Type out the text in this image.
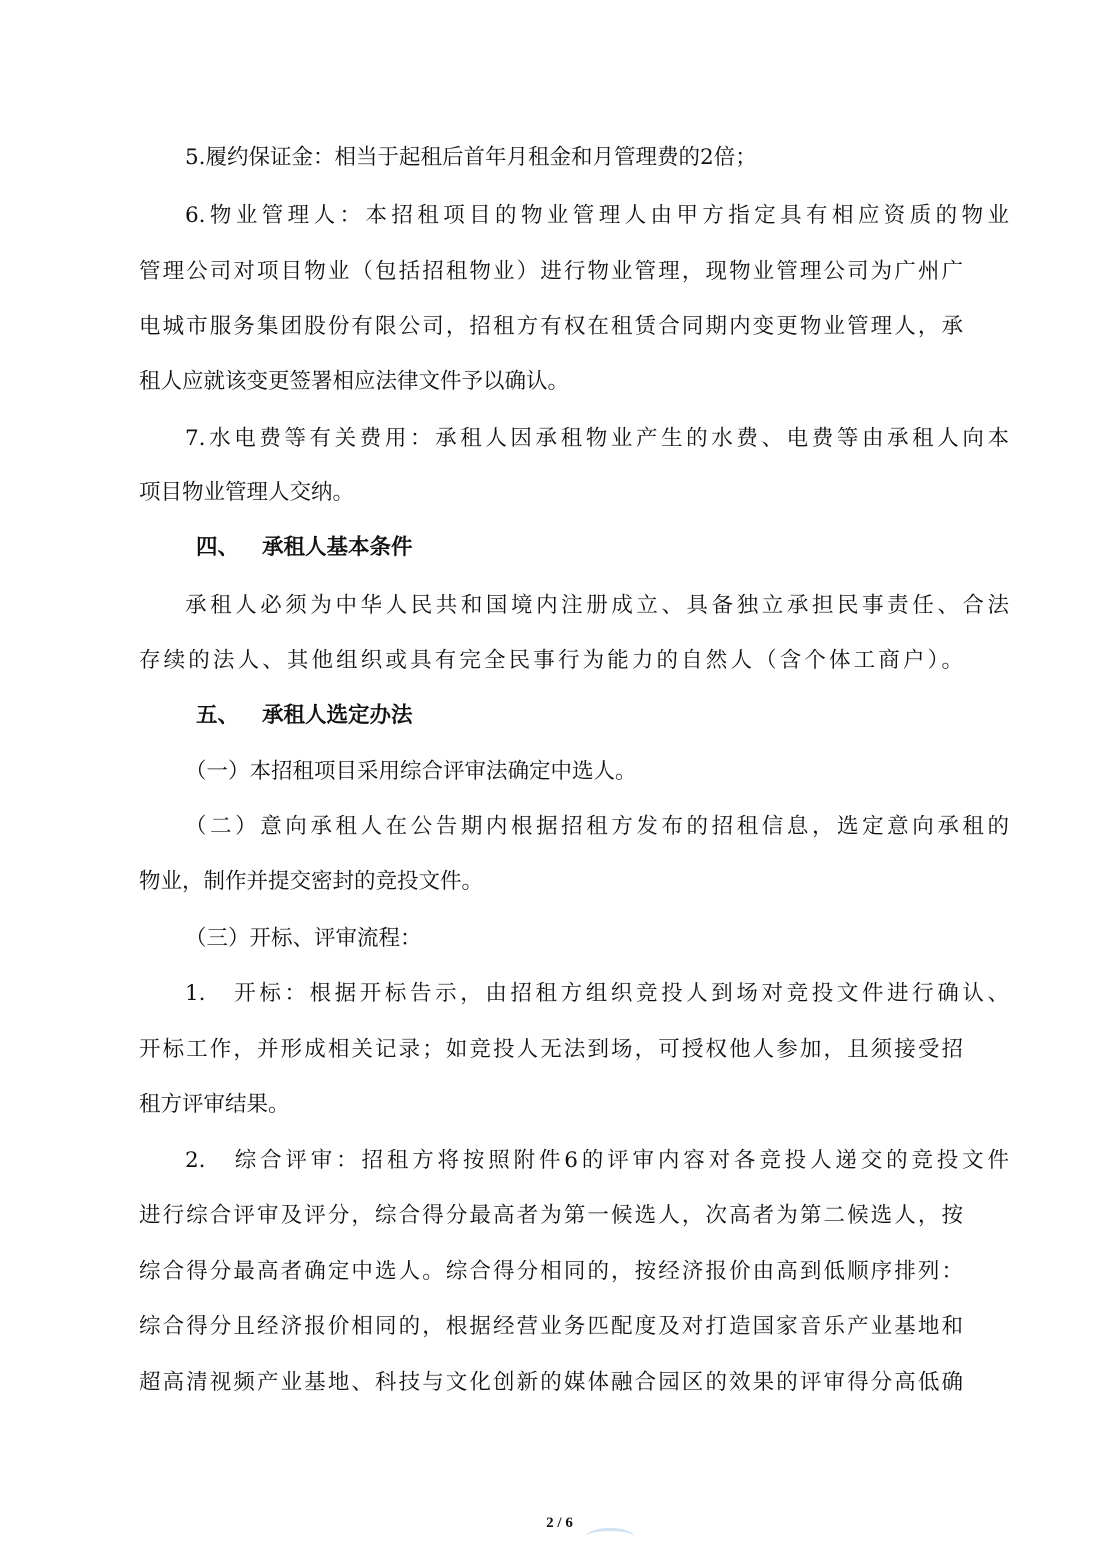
5.履约保证金：相当于起租后首年月租金和月管理费的2倍；

6.物业管理人：本招租项目的物业管理人由甲方指定具有相应资质的物业

管理公司对项目物业（包括招租物业）进行物业管理，现物业管理公司为广州广

电城市服务集团股份有限公司，招租方有权在租赁合同期内变更物业管理人，承

租人应就该变更签署相应法律文件予以确认。

7.水电费等有关费用：承租人因承租物业产生的水费、电费等由承租人向本

项目物业管理人交纳。

四、 承租人基本条件

承租人必须为中华人民共和国境内注册成立、具备独立承担民事责任、合法

存续的法人、其他组织或具有完全民事行为能力的自然人（含个体工商户）。

五、 承租人选定办法

（一）本招租项目采用综合评审法确定中选人。

（二）意向承租人在公告期内根据招租方发布的招租信息，选定意向承租的

物业，制作并提交密封的竞投文件。

（三）开标、评审流程：

1.　开标：根据开标告示，由招租方组织竞投人到场对竞投文件进行确认、

开标工作，并形成相关记录；如竞投人无法到场，可授权他人参加，且须接受招

租方评审结果。

2.　综合评审：招租方将按照附件6的评审内容对各竞投人递交的竞投文件

进行综合评审及评分，综合得分最高者为第一候选人，次高者为第二候选人，按

综合得分最高者确定中选人。综合得分相同的，按经济报价由高到低顺序排列：

综合得分且经济报价相同的，根据经营业务匹配度及对打造国家音乐产业基地和

超高清视频产业基地、科技与文化创新的媒体融合园区的效果的评审得分高低确

2 / 6
